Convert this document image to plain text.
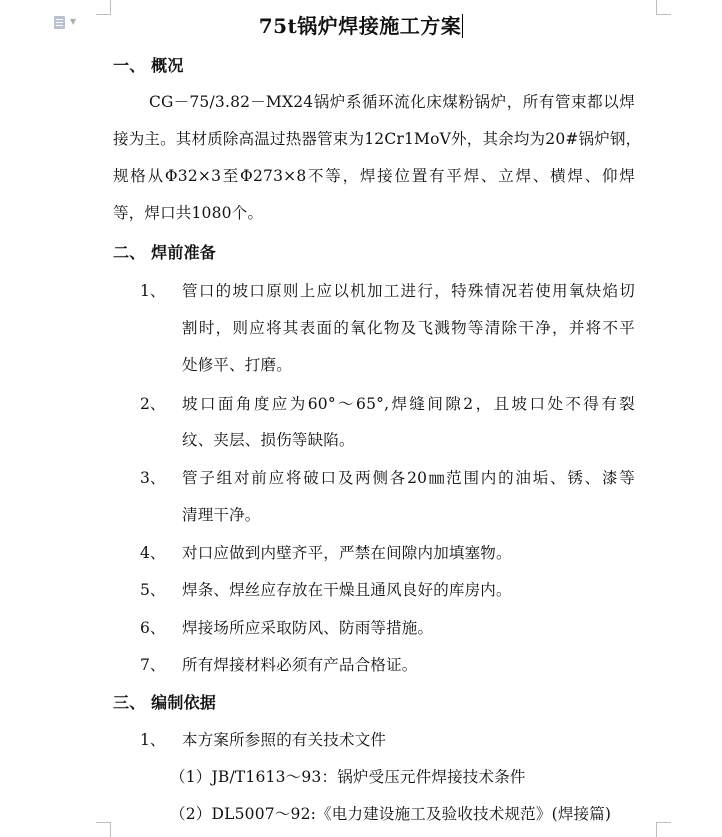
▼	75t锅炉焊接施工方案
一、 概况
CG－75/3.82－MX24锅炉系循环流化床煤粉锅炉，所有管束都以焊
接为主。其材质除高温过热器管束为12Cr1MoV外，其余均为20#锅炉钢，
规格从Φ32×3至Φ273×8不等，焊接位置有平焊、立焊、横焊、仰焊
等，焊口共1080个。
二、 焊前准备
1、 管口的坡口原则上应以机加工进行，特殊情况若使用氧炔焰切
割时，则应将其表面的氧化物及飞溅物等清除干净，并将不平
处修平、打磨。
2、 坡口面角度应为60°～65°,焊缝间隙2，且坡口处不得有裂
纹、夹层、损伤等缺陷。
3、 管子组对前应将破口及两侧各20㎜范围内的油垢、锈、漆等
清理干净。
4、 对口应做到内壁齐平，严禁在间隙内加填塞物。
5、 焊条、焊丝应存放在干燥且通风良好的库房内。
6、 焊接场所应采取防风、防雨等措施。
7、 所有焊接材料必须有产品合格证。
三、 编制依据
1、 本方案所参照的有关技术文件
（1）JB/T1613～93：锅炉受压元件焊接技术条件
（2）DL5007～92:《电力建设施工及验收技术规范》(焊接篇)
